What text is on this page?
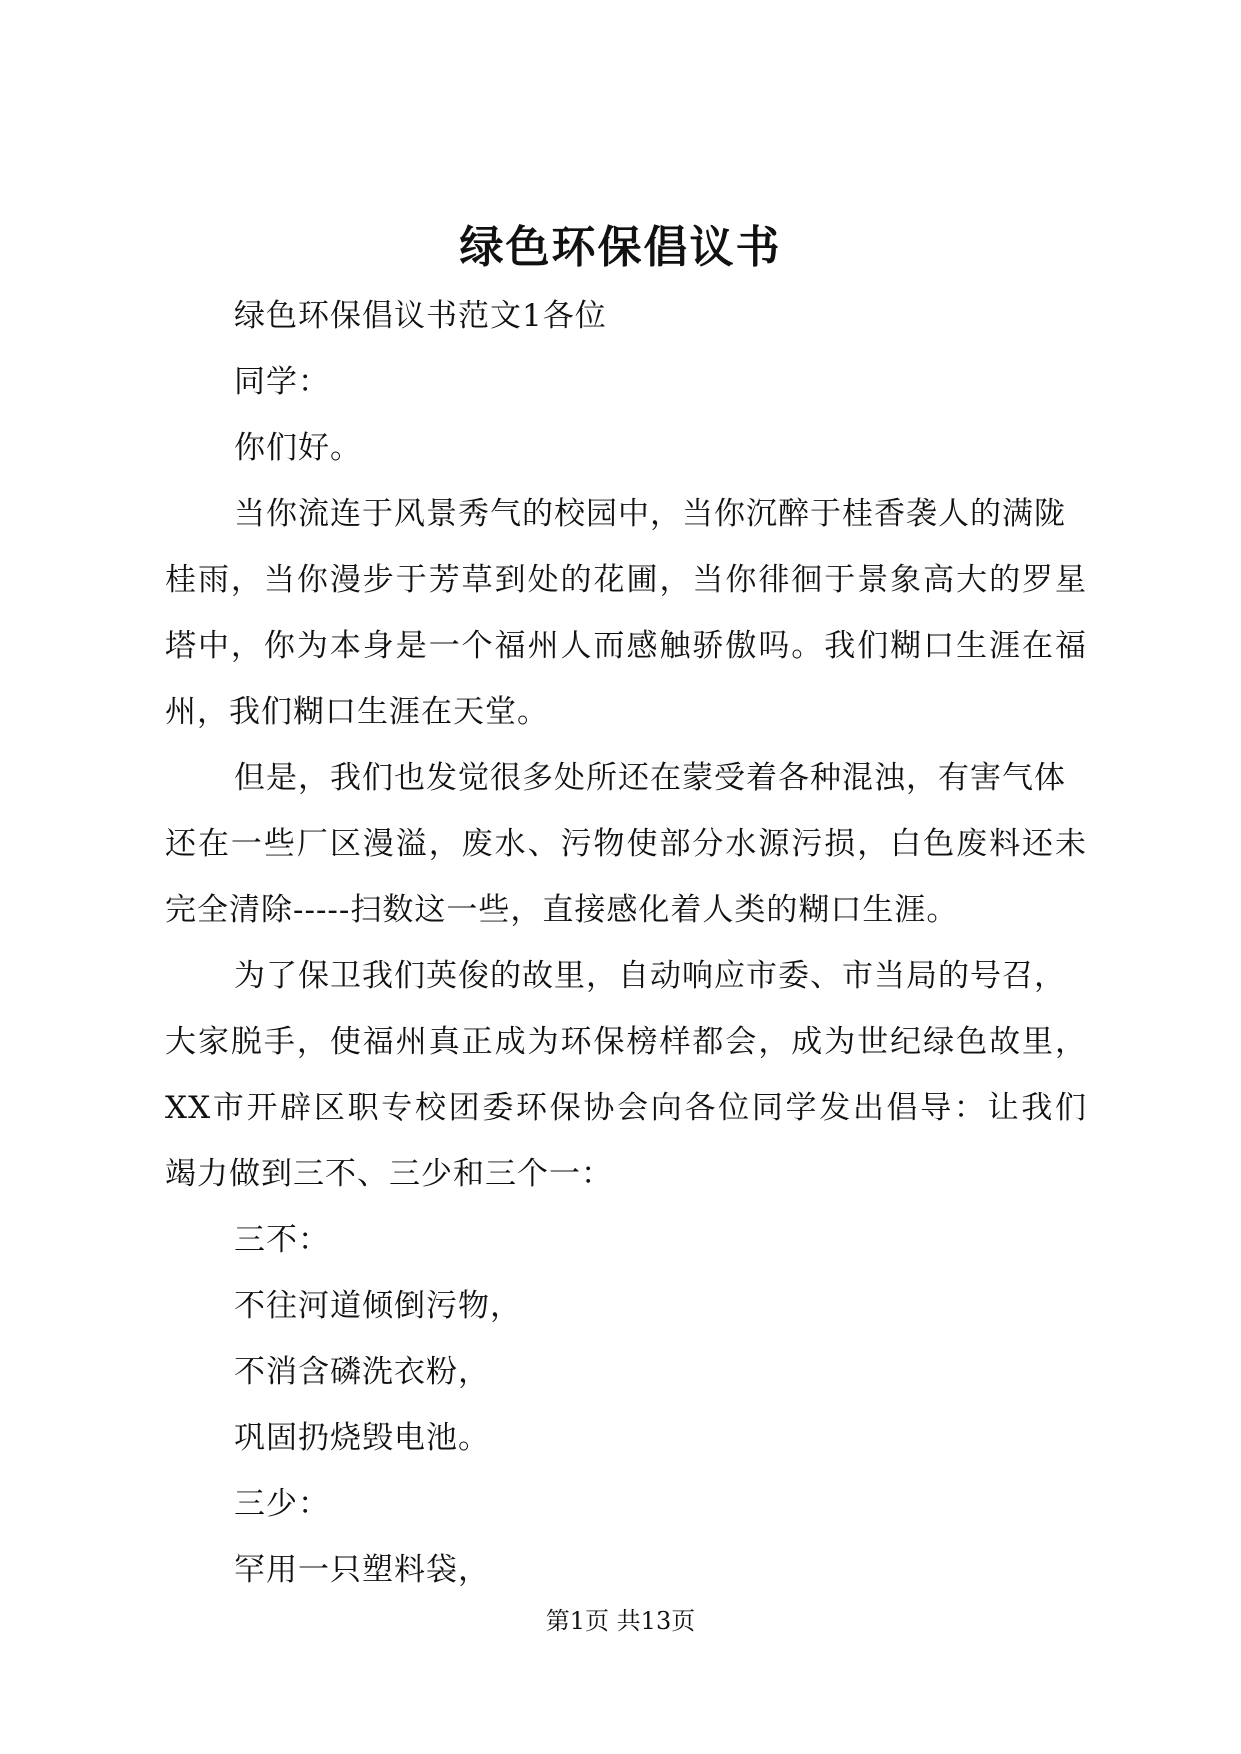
绿色环保倡议书

绿色环保倡议书范文1各位

同学：

你们好。

当你流连于风景秀气的校园中，当你沉醉于桂香袭人的满陇

桂雨，当你漫步于芳草到处的花圃，当你徘徊于景象高大的罗星

塔中，你为本身是一个福州人而感触骄傲吗。我们糊口生涯在福

州，我们糊口生涯在天堂。

但是，我们也发觉很多处所还在蒙受着各种混浊，有害气体

还在一些厂区漫溢，废水、污物使部分水源污损，白色废料还未

完全清除-----扫数这一些，直接感化着人类的糊口生涯。

为了保卫我们英俊的故里，自动响应市委、市当局的号召，

大家脱手，使福州真正成为环保榜样都会，成为世纪绿色故里，

XX市开辟区职专校团委环保协会向各位同学发出倡导：让我们

竭力做到三不、三少和三个一：

三不：

不往河道倾倒污物，

不消含磷洗衣粉，

巩固扔烧毁电池。

三少：

罕用一只塑料袋，

第1页 共13页
